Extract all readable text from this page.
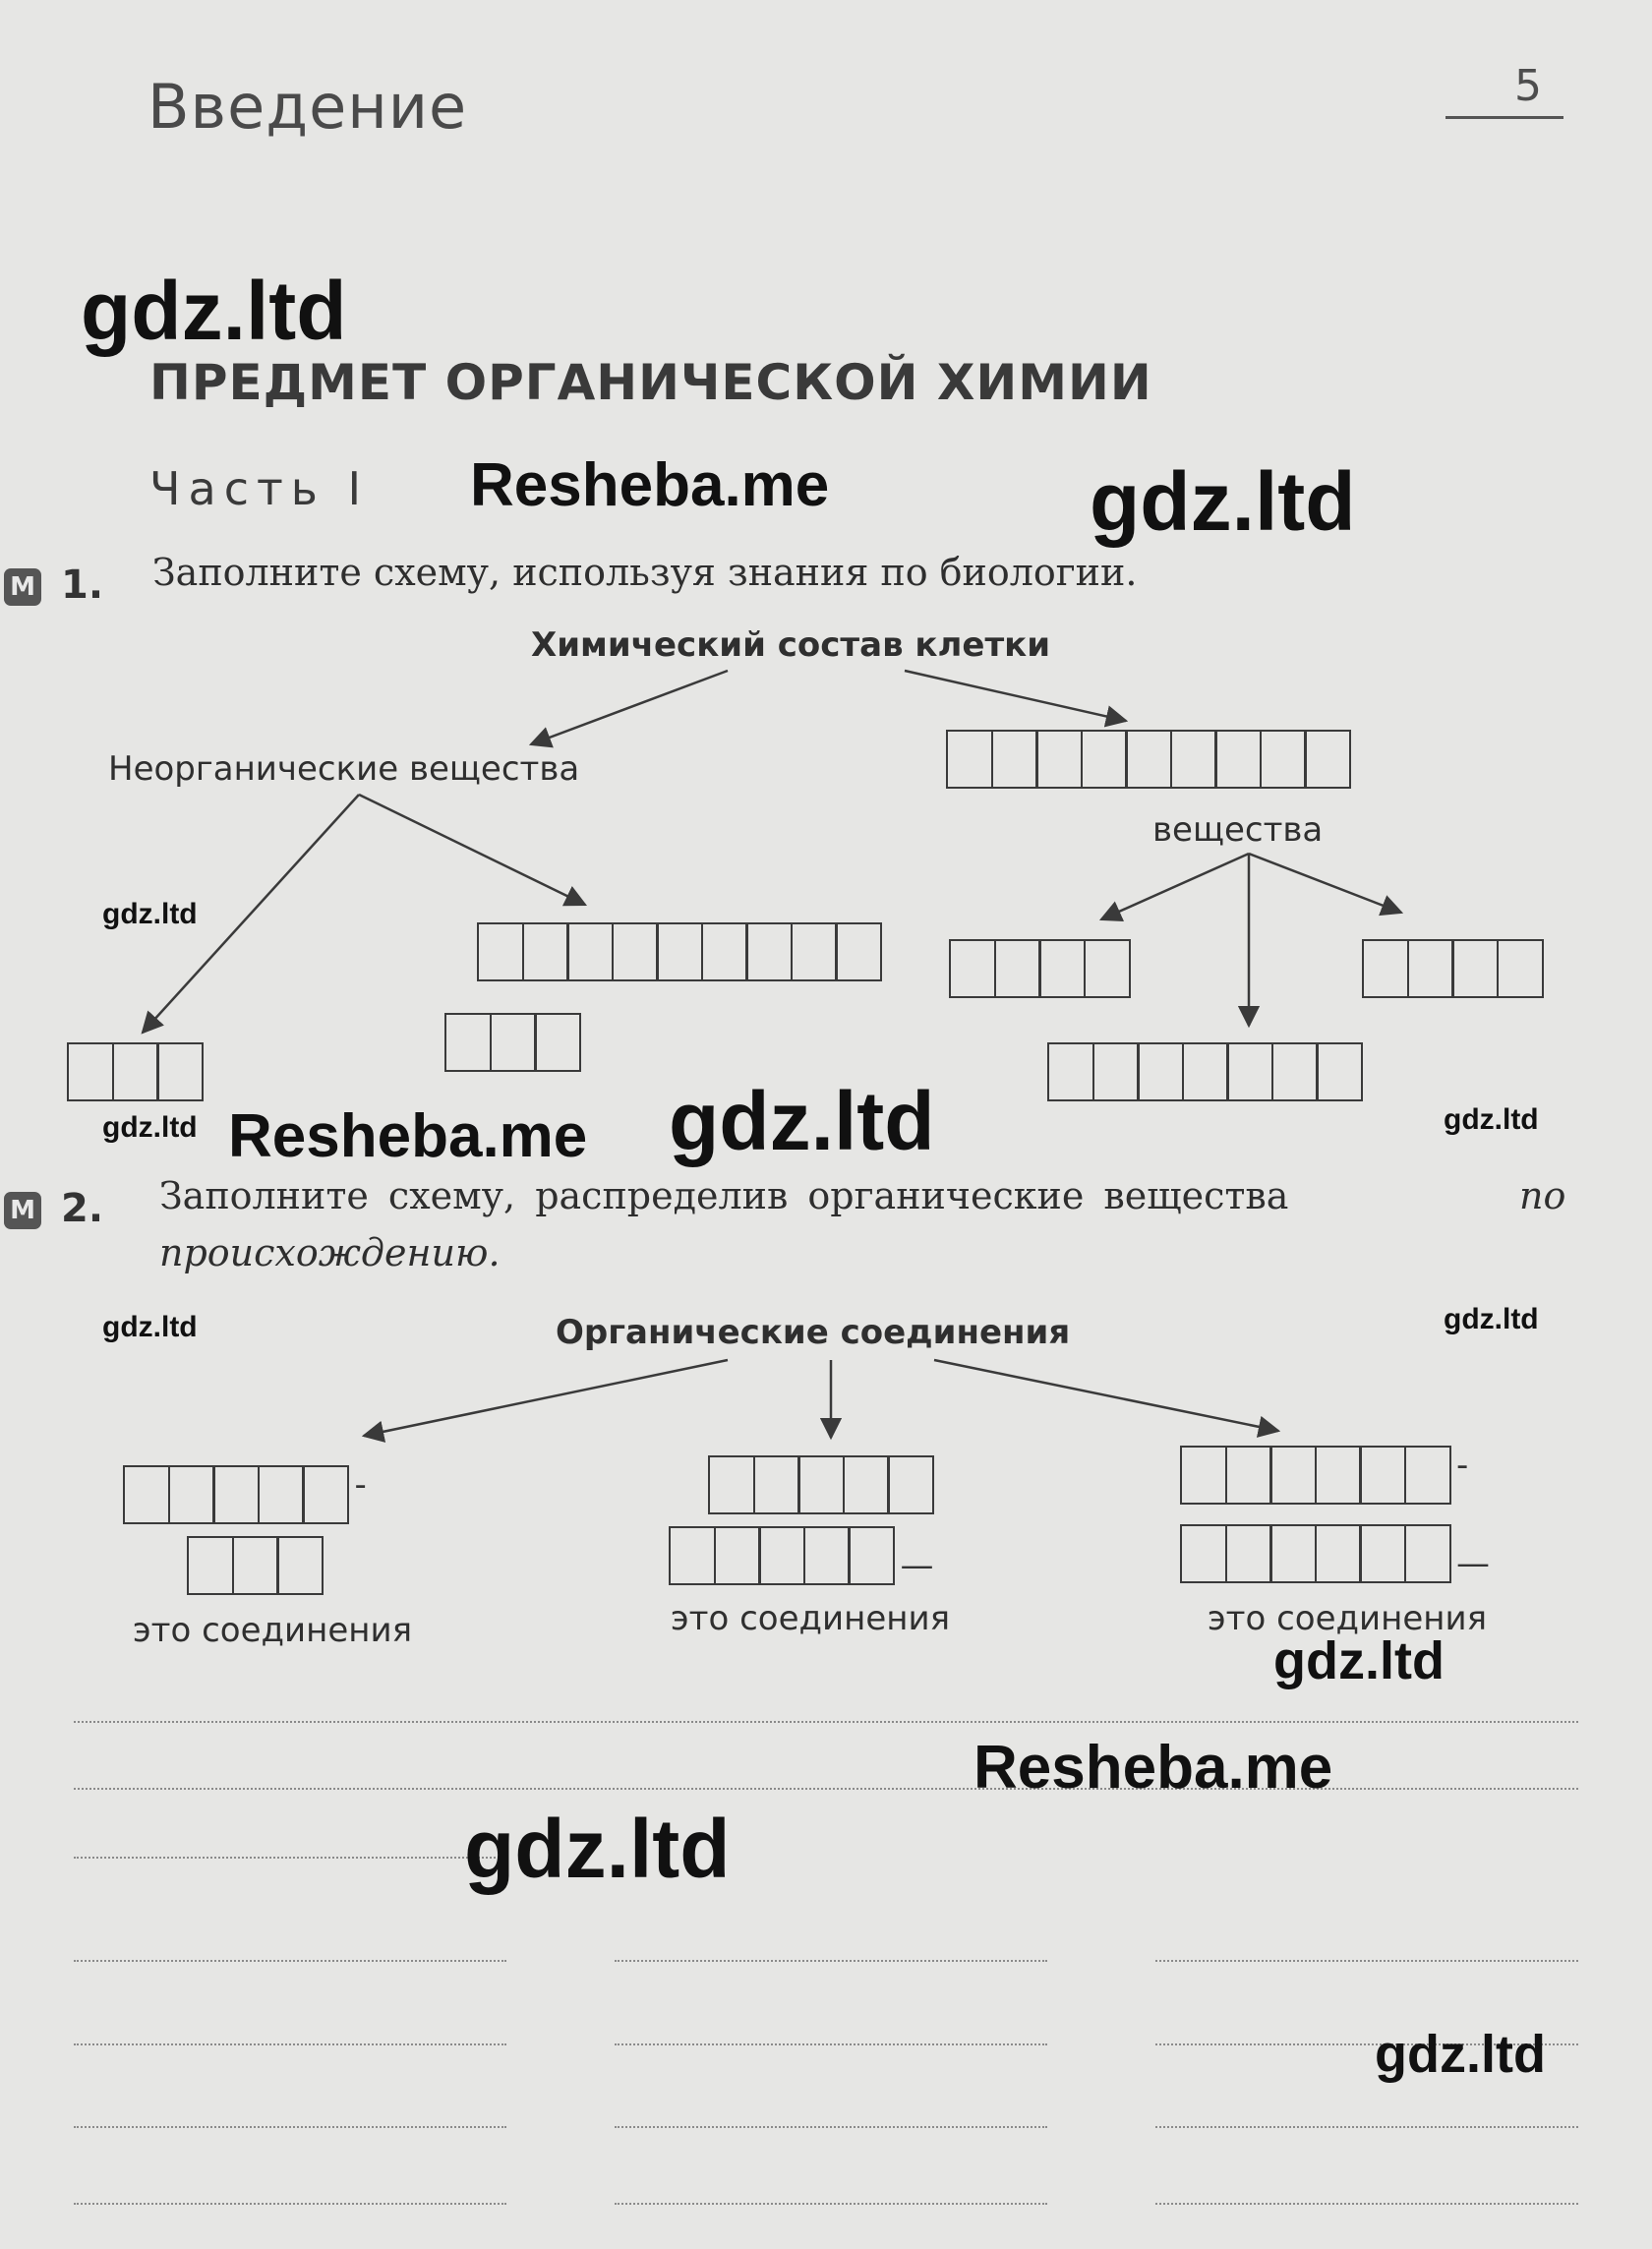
Введение	5
ПРЕДМЕТ ОРГАНИЧЕСКОЙ ХИМИИ
Часть I
М 1. Заполните схему, используя знания по биологии.
Химический состав клетки
Неорганические вещества
вещества
М 2. Заполните схему, распределив органические вещества	по
происхождению.
Органические соединения
-
это соединения
—
это соединения
-
—
это соединения
gdz.ltd
Resheba.me	gdz.ltd
gdz.ltd
gdz.ltd Resheba.me gdz.ltd	gdz.ltd
gdz.ltd	gdz.ltd
gdz.ltd
Resheba.me
gdz.ltd
gdz.ltd
